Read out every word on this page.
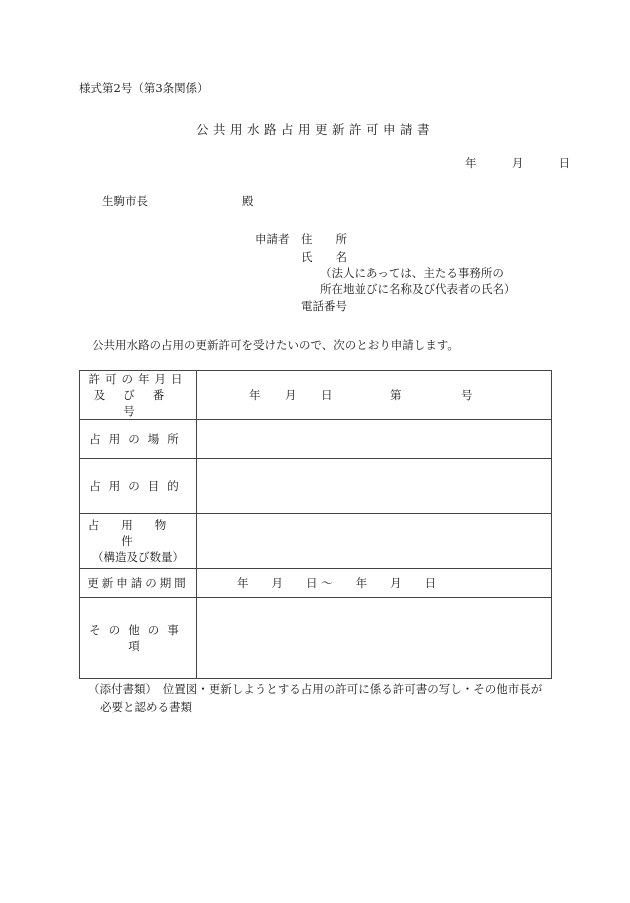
様式第2号（第3条関係）
公共用水路占用更新許可申請書
年	月	日
生駒市長	殿
申請者 住　　所
氏　　名
（法人にあっては、主たる事務所の
所在地並びに名称及び代表者の氏名）
電話番号
公共用水路の占用の更新許可を受けたいので、次のとおり申請します。
許可の年月日
及び番号	年 月 日 第 号

占用の場所	

占用の目的	

占用物件
（構造及び数量）	

更新申請の期間	年　　月　　日 〜　　年　　月　　日

その他の事項	

（添付書類）　位置図・更新しようとする占用の許可に係る許可書の写し・その他市長が
必要と認める書類
